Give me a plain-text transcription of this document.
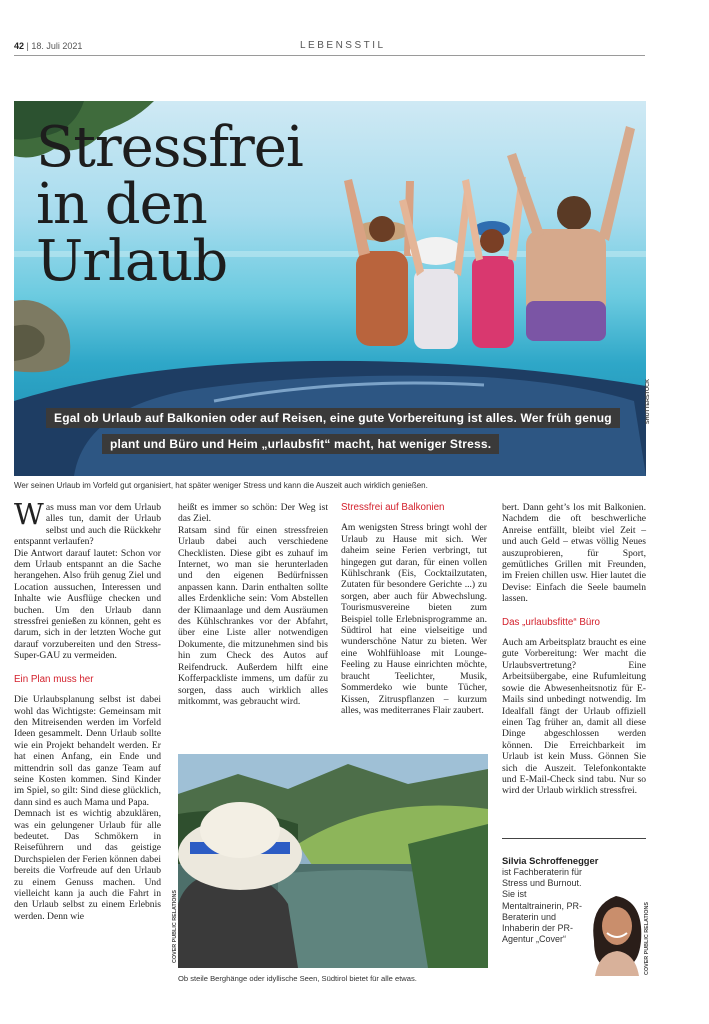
42 | 18. Juli 2021	LEBENSSTIL
Stressfrei
in den
Urlaub
Egal ob Urlaub auf Balkonien oder auf Reisen, eine gute Vorbereitung ist alles. Wer früh genug
plant und Büro und Heim „urlaubsfit“ macht, hat weniger Stress.
SHUTTERSTOCK
Wer seinen Urlaub im Vorfeld gut organisiert, hat später weniger Stress und kann die Auszeit auch wirklich genießen.

Was muss man vor dem Urlaub alles tun, damit der Urlaub selbst und auch die Rückkehr entspannt verlaufen?

Die Antwort darauf lautet: Schon vor dem Urlaub entspannt an die Sache herangehen. Also früh genug Ziel und Location aussuchen, Interessen und Inhalte wie Ausflüge checken und buchen. Um den Urlaub dann stressfrei genießen zu können, geht es darum, sich in der letzten Woche gut darauf vorzubereiten und den Stress-Super-GAU zu vermeiden.

Ein Plan muss her

Die Urlaubsplanung selbst ist dabei wohl das Wichtigste: Gemeinsam mit den Mitreisenden werden im Vorfeld Ideen gesammelt. Denn Urlaub sollte wie ein Projekt behandelt werden. Er hat einen Anfang, ein Ende und mittendrin soll das ganze Team auf seine Kosten kommen. Sind Kinder im Spiel, so gilt: Sind diese glücklich, dann sind es auch Mama und Papa.

Demnach ist es wichtig abzuklären, was ein gelungener Urlaub für alle bedeutet. Das Schmökern in Reiseführern und das geistige Durchspielen der Ferien können dabei bereits die Vorfreude auf den Urlaub zu einem Genuss machen. Und vielleicht kann ja auch die Fahrt in den Urlaub selbst zu einem Erlebnis werden. Denn wie

heißt es immer so schön: Der Weg ist das Ziel.

Ratsam sind für einen stressfreien Urlaub dabei auch verschiedene Checklisten. Diese gibt es zuhauf im Internet, wo man sie herunterladen und den eigenen Bedürfnissen anpassen kann. Darin enthalten sollte alles Erdenkliche sein: Vom Abstellen der Klimaanlage und dem Ausräumen des Kühlschrankes vor der Abfahrt, über eine Liste aller notwendigen Dokumente, die mitzunehmen sind bis hin zum Check des Autos auf Reifendruck. Außerdem hilft eine Kofferpackliste immens, um dafür zu sorgen, dass auch wirklich alles mitkommt, was gebraucht wird.

Stressfrei auf Balkonien

Am wenigsten Stress bringt wohl der Urlaub zu Hause mit sich. Wer daheim seine Ferien verbringt, tut hingegen gut daran, für einen vollen Kühlschrank (Eis, Cocktailzutaten, Zutaten für besondere Gerichte ...) zu sorgen, aber auch für Abwechslung. Tourismusvereine bieten zum Beispiel tolle Erlebnisprogramme an. Südtirol hat eine vielseitige und wunderschöne Natur zu bieten. Wer eine Wohlfühloase mit Lounge-Feeling zu Hause einrichten möchte, braucht Teelichter, Musik, Sommerdeko wie bunte Tücher, Kissen, Zitruspflanzen – kurzum alles, was mediterranes Flair zaubert.

bert. Dann geht’s los mit Balkonien. Nachdem die oft beschwerliche Anreise entfällt, bleibt viel Zeit – und auch Geld – etwas völlig Neues auszuprobieren, für Sport, gemütliches Grillen mit Freunden, im Freien chillen usw. Hier lautet die Devise: Einfach die Seele baumeln lassen.

Das „urlaubsfitte“ Büro

Auch am Arbeitsplatz braucht es eine gute Vorbereitung: Wer macht die Urlaubsvertretung? Eine Arbeitsübergabe, eine Rufumleitung sowie die Abwesenheitsnotiz für E-Mails sind unbedingt notwendig. Im Idealfall fängt der Urlaub offiziell einen Tag früher an, damit all diese Dinge abgeschlossen werden können. Die Erreichbarkeit im Urlaub ist kein Muss. Gönnen Sie sich die Auszeit. Telefonkontakte und E-Mail-Check sind tabu. Nur so wird der Urlaub wirklich stressfrei.

COVER PUBLIC RELATIONS
Ob steile Berghänge oder idyllische Seen, Südtirol bietet für alle etwas.
Silvia Schroffenegger
ist Fachberaterin für Stress und Burnout. Sie ist Mentaltrainerin, PR-Beraterin und Inhaberin der PR-Agentur „Cover“	COVER PUBLIC RELATIONS
